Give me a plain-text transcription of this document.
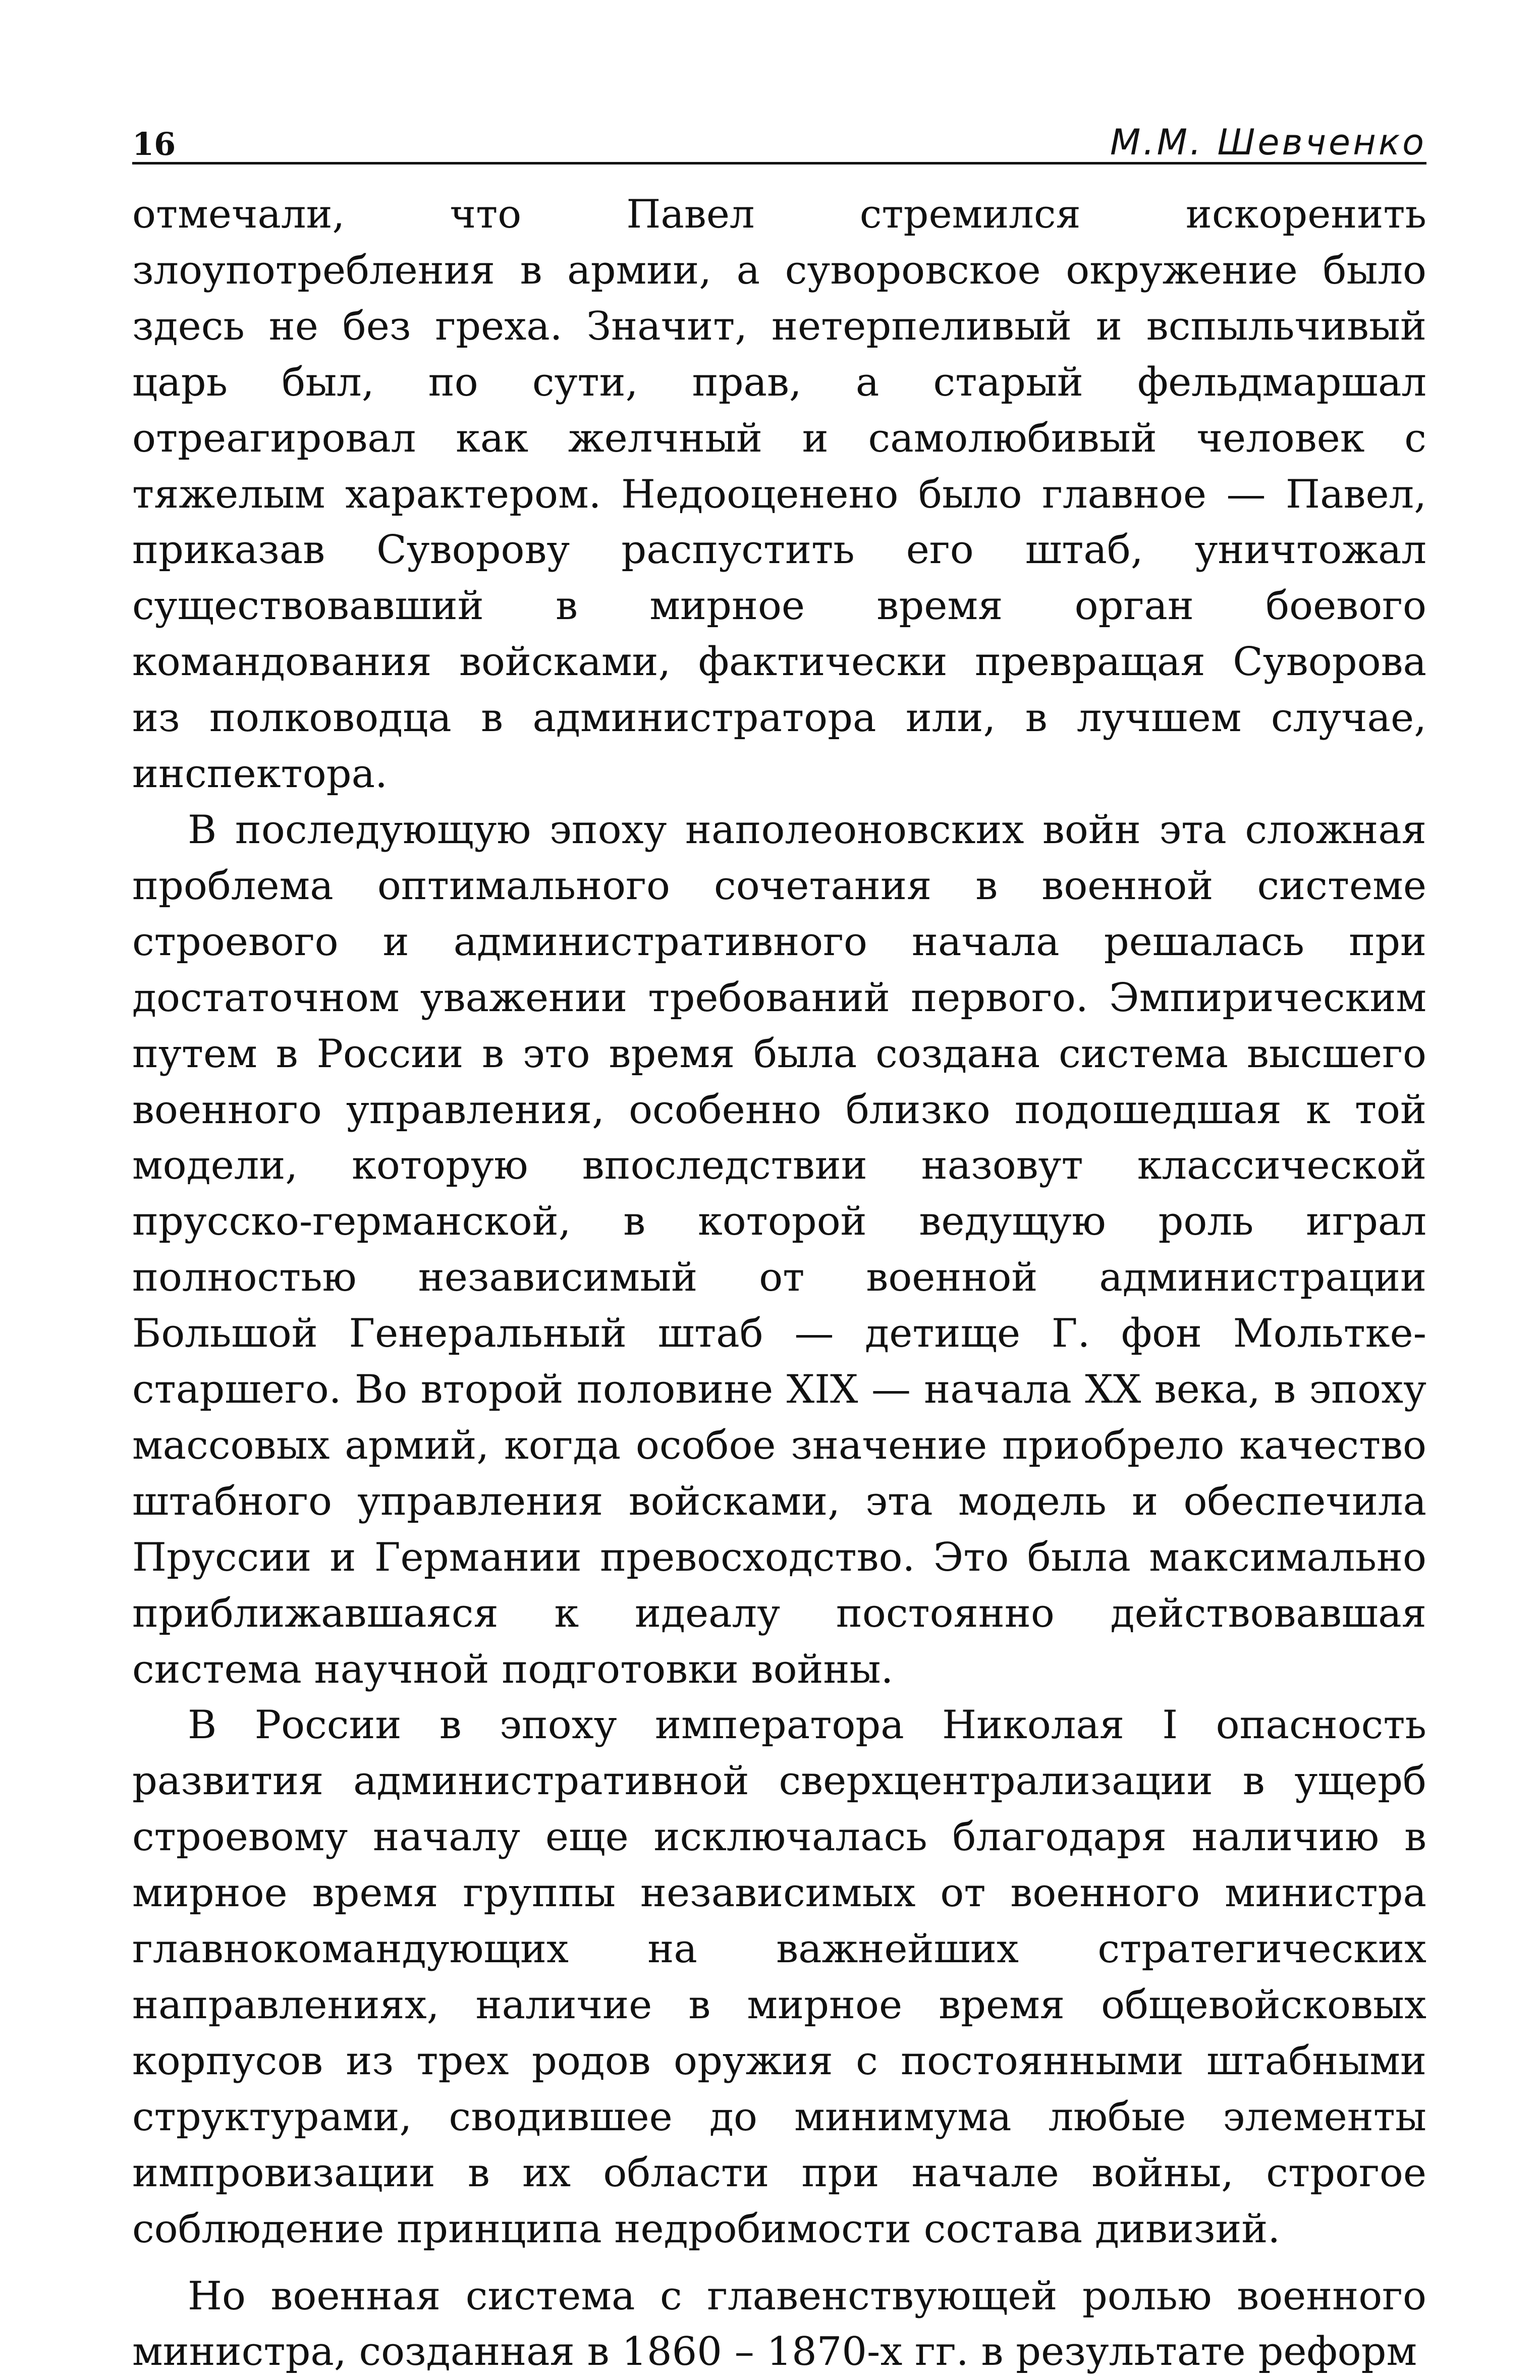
16	М.М. Шевченко

отмечали, что Павел стремился искоренить злоупотребления в армии, а суворовское окружение было здесь не без греха. Значит, нетерпеливый и вспыльчивый царь был, по сути, прав, а старый фельдмаршал отреагировал как желчный и самолюбивый человек с тяжелым характером. Недооценено было главное — Павел, приказав Суворову распустить его штаб, уничтожал существовавший в мирное время орган боевого командования войсками, фактически превращая Суворова из полководца в администратора или, в лучшем случае, инспектора.

В последующую эпоху наполеоновских войн эта сложная проблема оптимального сочетания в военной системе строевого и административного начала решалась при достаточном уважении требований первого. Эмпирическим путем в России в это время была создана система высшего военного управления, особенно близко подошедшая к той модели, которую впоследствии назовут классической прусско-германской, в которой ведущую роль играл полностью независимый от военной администрации Большой Генеральный штаб — детище Г. фон Мольтке-старшего. Во второй половине XIX — начала XX века, в эпоху массовых армий, когда особое значение приобрело качество штабного управления войсками, эта модель и обеспечила Пруссии и Германии превосходство. Это была максимально приближавшаяся к идеалу постоянно действовавшая система научной подготовки войны.

В России в эпоху императора Николая I опасность развития административной сверхцентрализации в ущерб строевому началу еще исключалась благодаря наличию в мирное время группы независимых от военного министра главнокомандующих на важнейших стратегических направлениях, наличие в мирное время общевойсковых корпусов из трех родов оружия с постоянными штабными структурами, сводившее до минимума любые элементы импровизации в их области при начале войны, строгое соблюдение принципа недробимости состава дивизий.

Но военная система с главенствующей ролью военного министра, созданная в 1860 – 1870-х гг. в результате реформ
